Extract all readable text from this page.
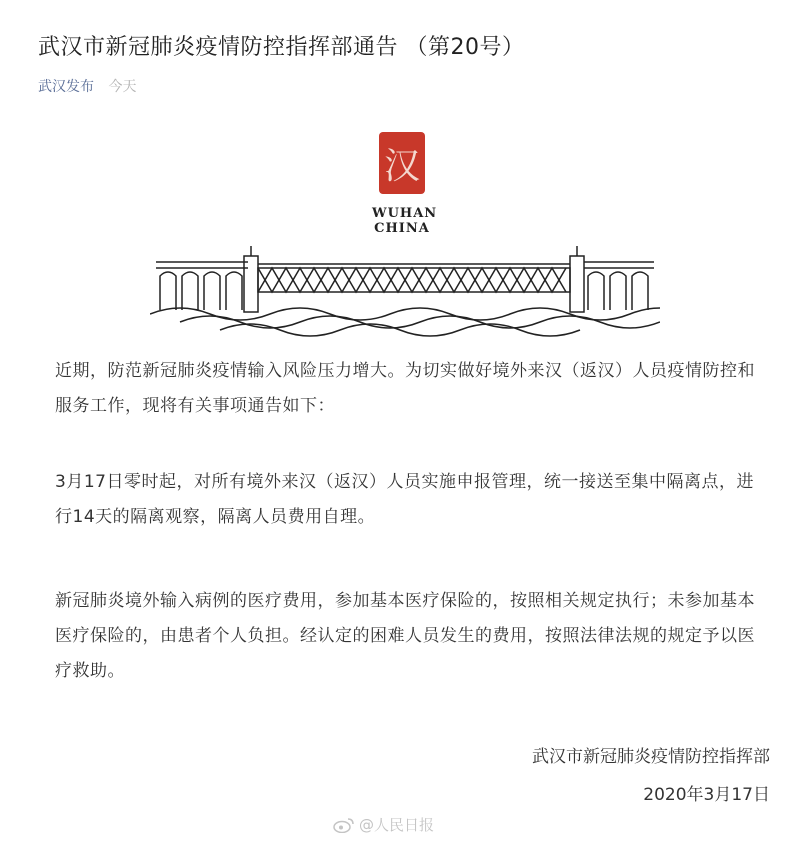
武汉市新冠肺炎疫情防控指挥部通告 （第20号）
武汉发布 今天
汉
WUHAN
CHINA

近期，防范新冠肺炎疫情输入风险压力增大。为切实做好境外来汉（返汉）人员疫情防控和服务工作，现将有关事项通告如下：

3月17日零时起，对所有境外来汉（返汉）人员实施申报管理，统一接送至集中隔离点，进行14天的隔离观察，隔离人员费用自理。

新冠肺炎境外输入病例的医疗费用，参加基本医疗保险的，按照相关规定执行；未参加基本医疗保险的，由患者个人负担。经认定的困难人员发生的费用，按照法律法规的规定予以医疗救助。

武汉市新冠肺炎疫情防控指挥部
2020年3月17日
@人民日报
